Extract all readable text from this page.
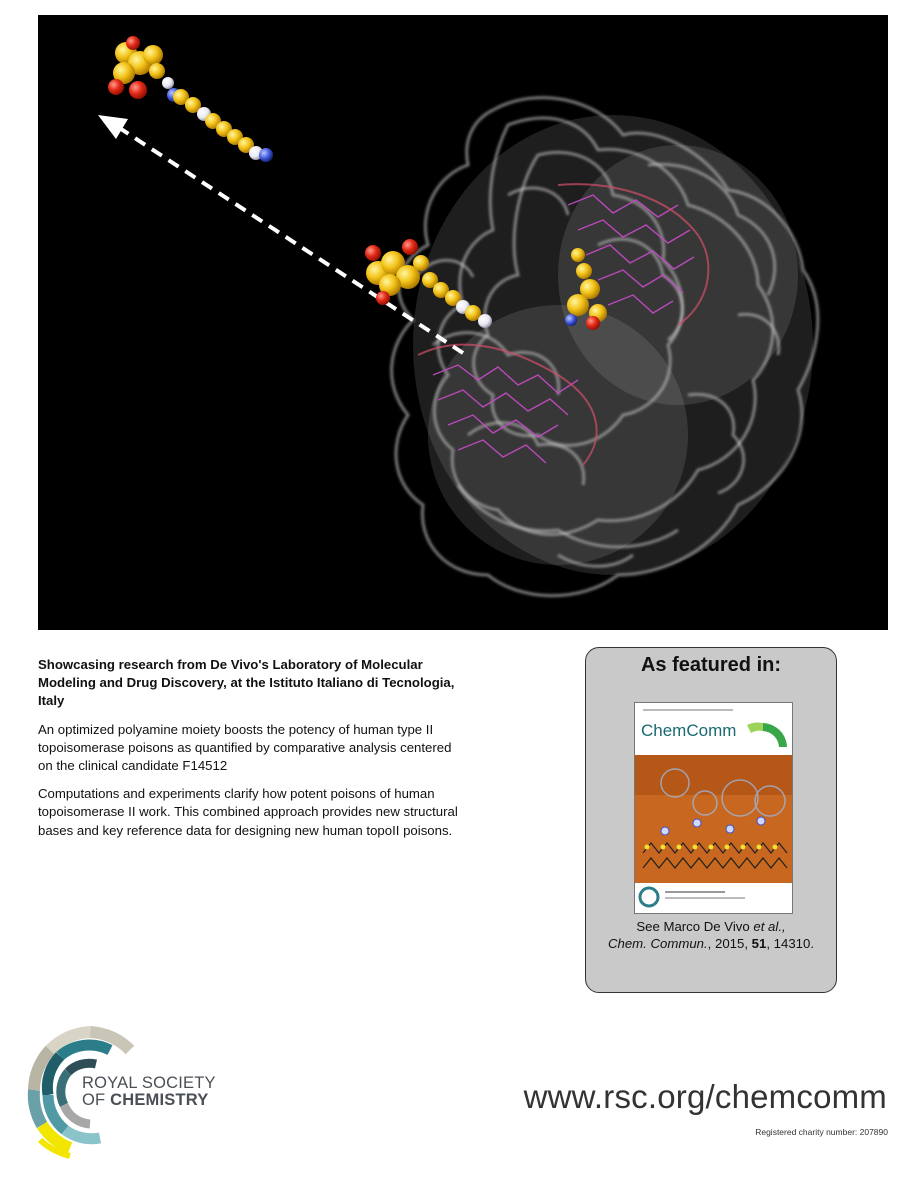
Showcasing research from De Vivo's Laboratory of Molecular Modeling and Drug Discovery, at the Istituto Italiano di Tecnologia, Italy

An optimized polyamine moiety boosts the potency of human type II topoisomerase poisons as quantified by comparative analysis centered on the clinical candidate F14512

Computations and experiments clarify how potent poisons of human topoisomerase II work. This combined approach provides new structural bases and key reference data for designing new human topoII poisons.

As featured in:
ChemComm
See Marco De Vivo et al.,
Chem. Commun., 2015, 51, 14310.
ROYAL SOCIETY
OF CHEMISTRY	www.rsc.org/chemcomm
Registered charity number: 207890
